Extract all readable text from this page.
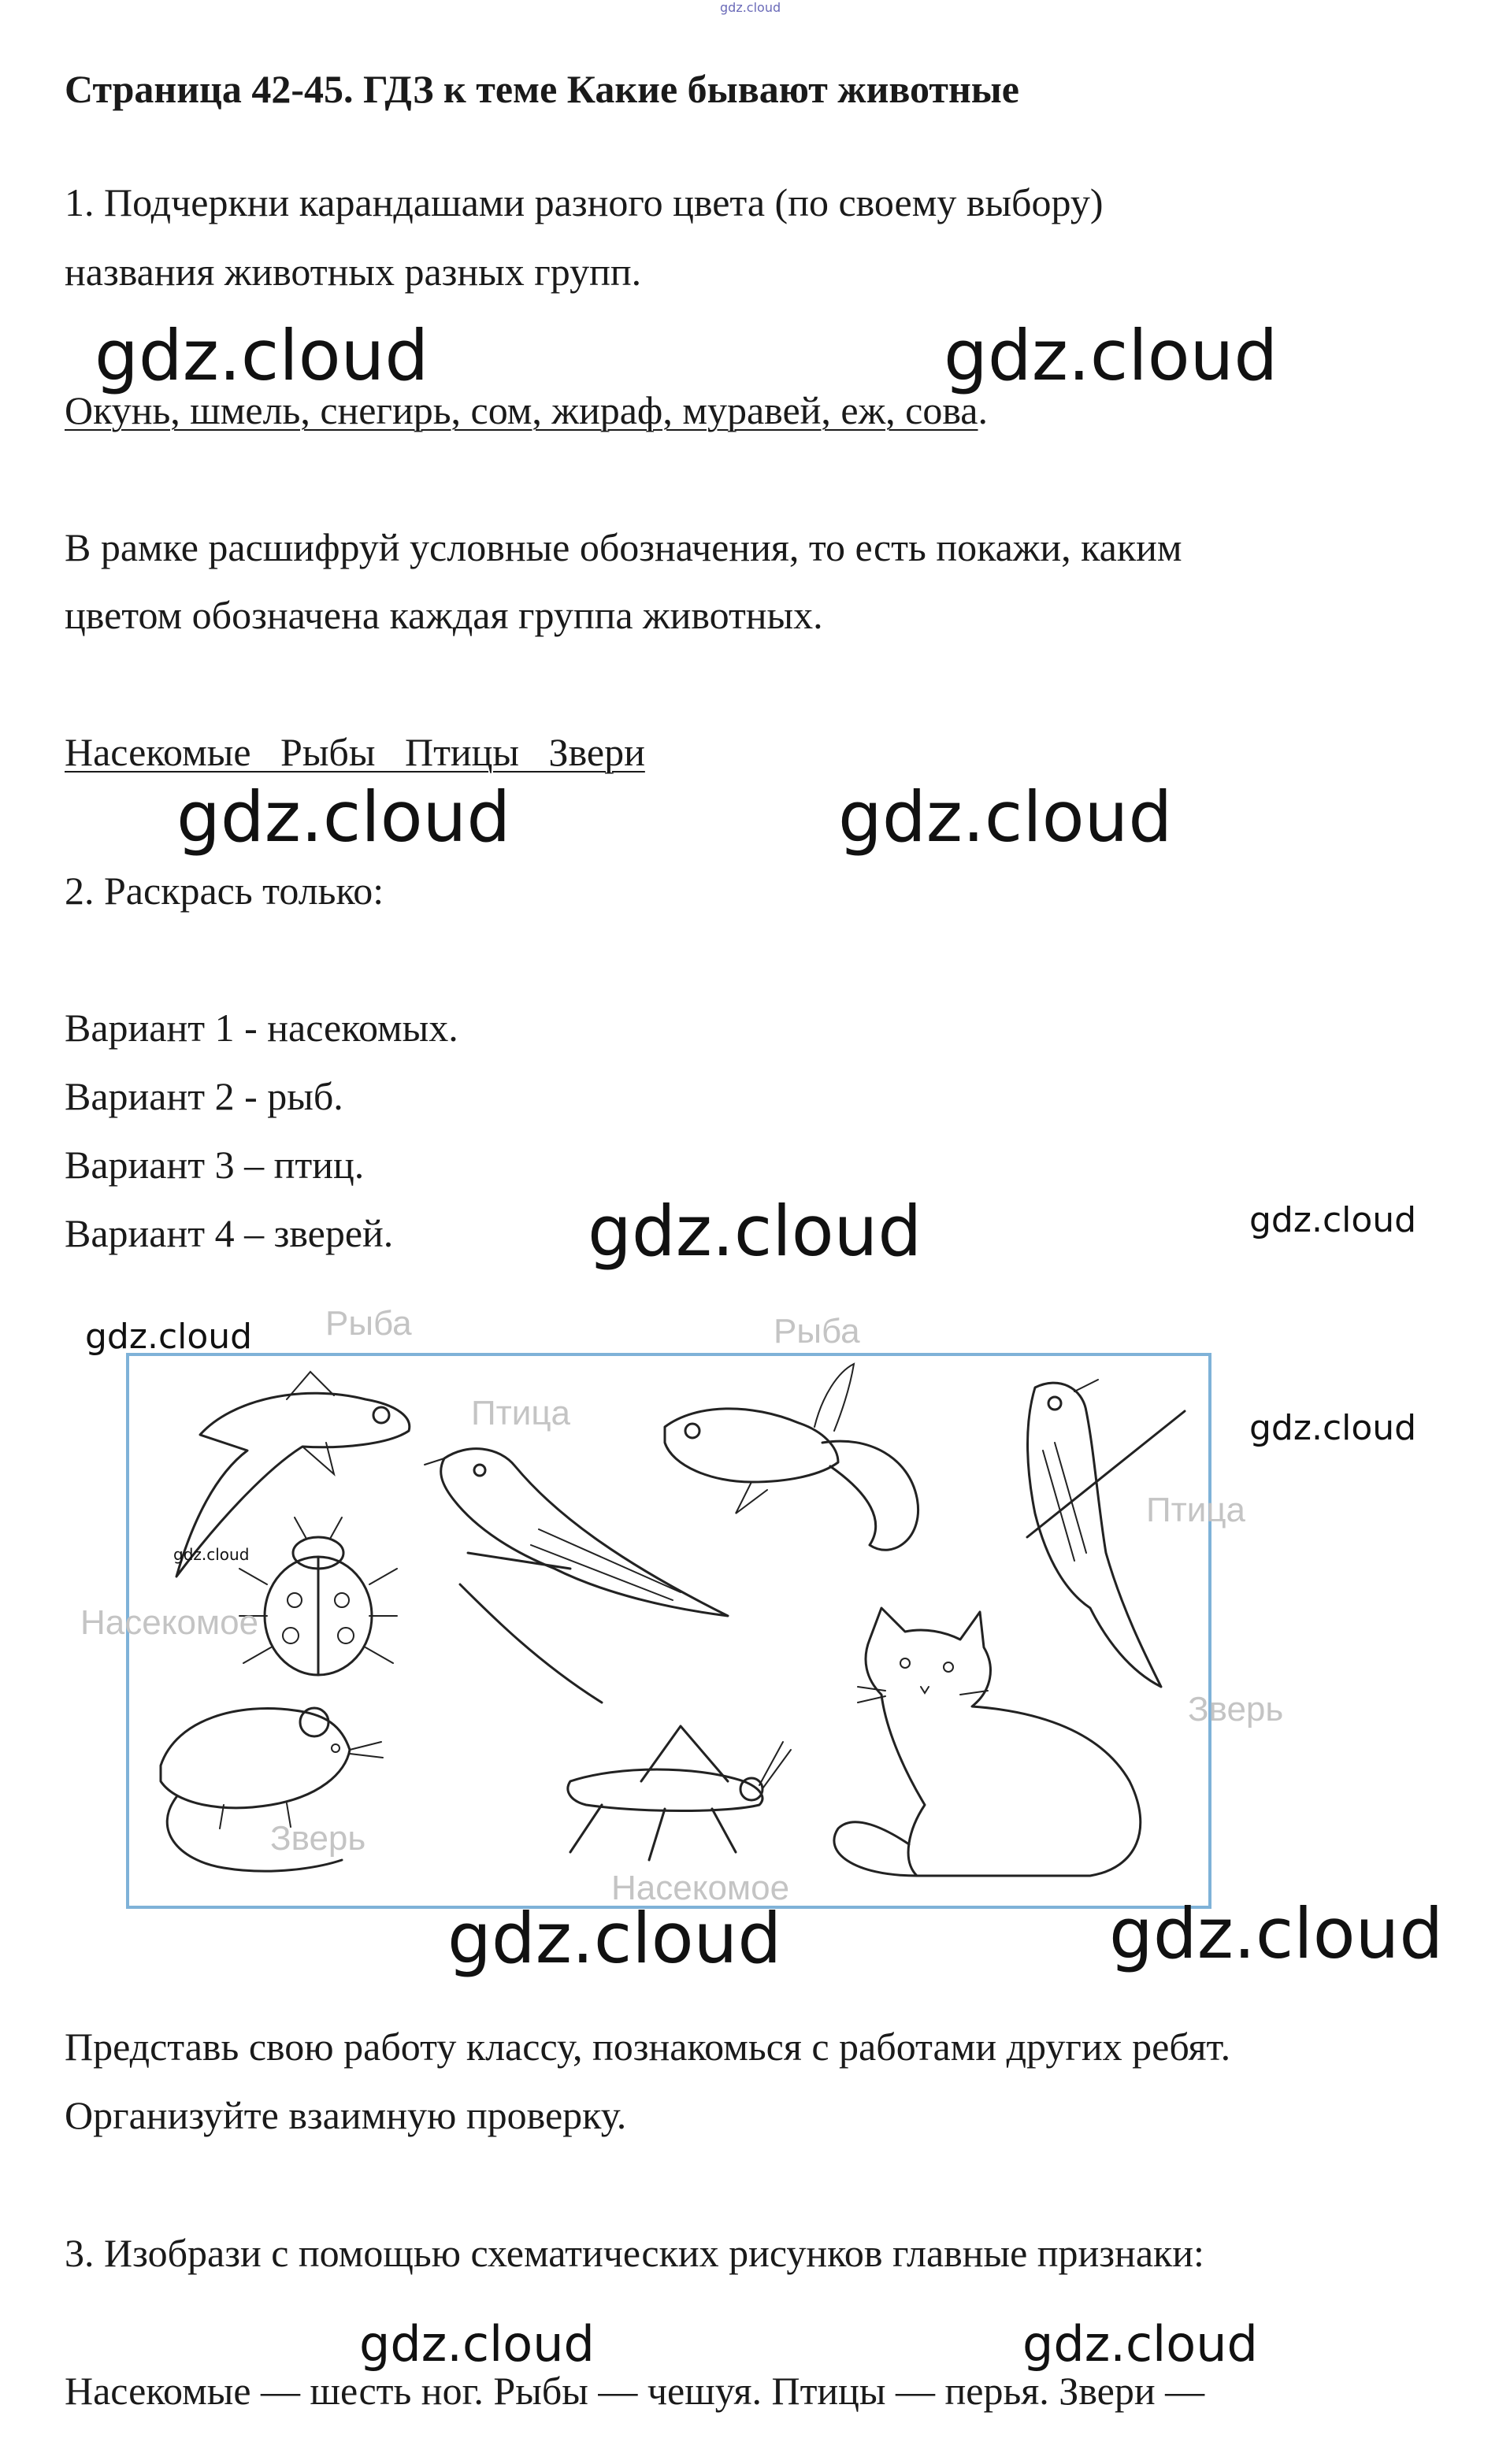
gdz.cloud
Страница 42-45. ГДЗ к теме Какие бывают животные

1. Подчеркни карандашами разного цвета (по своему выбору)

названия животных разных групп.

Окунь, шмель, снегирь, сом, жираф, муравей, еж, сова.

В рамке расшифруй условные обозначения, то есть покажи, каким

цветом обозначена каждая группа животных.

Насекомые   Рыбы   Птицы   Звери

2. Раскрась только:

Вариант 1 - насекомых.

Вариант 2 - рыб.

Вариант 3 – птиц.

Вариант 4 – зверей.

Рыба	Рыба
Птица
Птица
Насекомое
Насекомое
Зверь
Зверь

Представь свою работу классу, познакомься с работами других ребят.

Организуйте взаимную проверку.

3. Изобрази с помощью схематических рисунков главные признаки:

Насекомые — шесть ног. Рыбы — чешуя. Птицы — перья. Звери —

gdz.cloud	gdz.cloud
gdz.cloud	gdz.cloud
gdz.cloud	gdz.cloud
gdz.cloud
gdz.cloud
gdz.cloud
gdz.cloud	gdz.cloud
gdz.cloud	gdz.cloud
